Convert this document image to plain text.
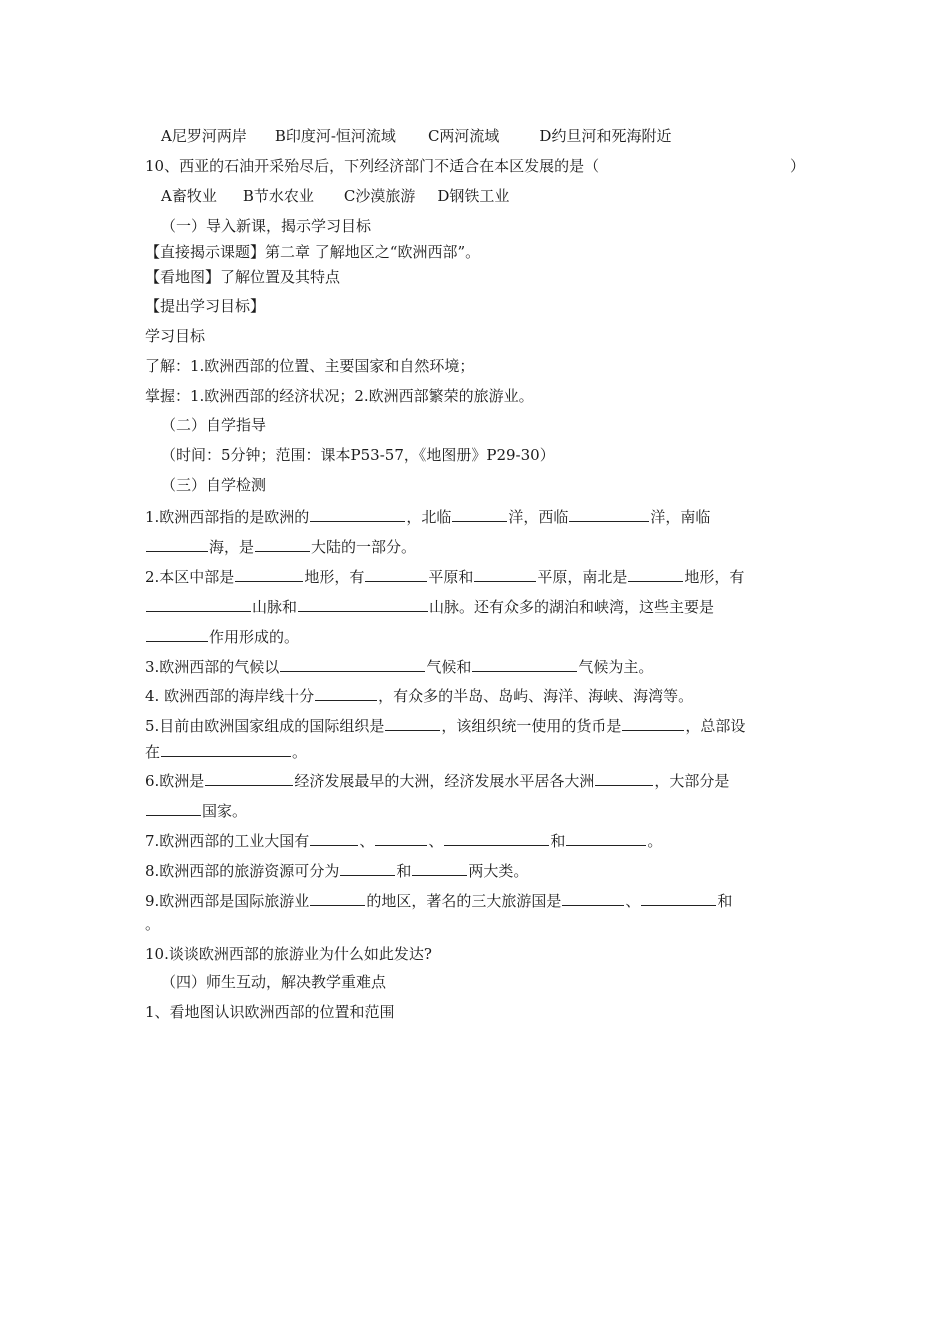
A尼罗河两岸 B印度河-恒河流域 C两河流域	D约旦河和死海附近
10、西亚的石油开采殆尽后，下列经济部门不适合在本区发展的是（	）
A畜牧业 B节水农业 C沙漠旅游 D钢铁工业
（一）导入新课，揭示学习目标
【直接揭示课题】第二章 了解地区之“欧洲西部”。
【看地图】了解位置及其特点
【提出学习目标】
学习目标
了解：1.欧洲西部的位置、主要国家和自然环境；
掌握：1.欧洲西部的经济状况；2.欧洲西部繁荣的旅游业。
（二）自学指导
（时间：5分钟；范围：课本P53-57，《地图册》P29-30）
（三）自学检测
1.欧洲西部指的是欧洲的	，北临	洋，西临	洋，南临
海，是	大陆的一部分。
2.本区中部是	地形，有	平原和	平原，南北是	地形，有
山脉和	山脉。还有众多的湖泊和峡湾，这些主要是
作用形成的。
3.欧洲西部的气候以	气候和	气候为主。
4. 欧洲西部的海岸线十分	，有众多的半岛、岛屿、海洋、海峡、海湾等。
5.目前由欧洲国家组成的国际组织是	，该组织统一使用的货币是	，总部设
在	。
6.欧洲是	经济发展最早的大洲，经济发展水平居各大洲	，大部分是
国家。
7.欧洲西部的工业大国有	、	、	和	。
8.欧洲西部的旅游资源可分为	和	两大类。
9.欧洲西部是国际旅游业	的地区，著名的三大旅游国是	、	和
。
10.谈谈欧洲西部的旅游业为什么如此发达?
（四）师生互动，解决教学重难点
1、看地图认识欧洲西部的位置和范围
